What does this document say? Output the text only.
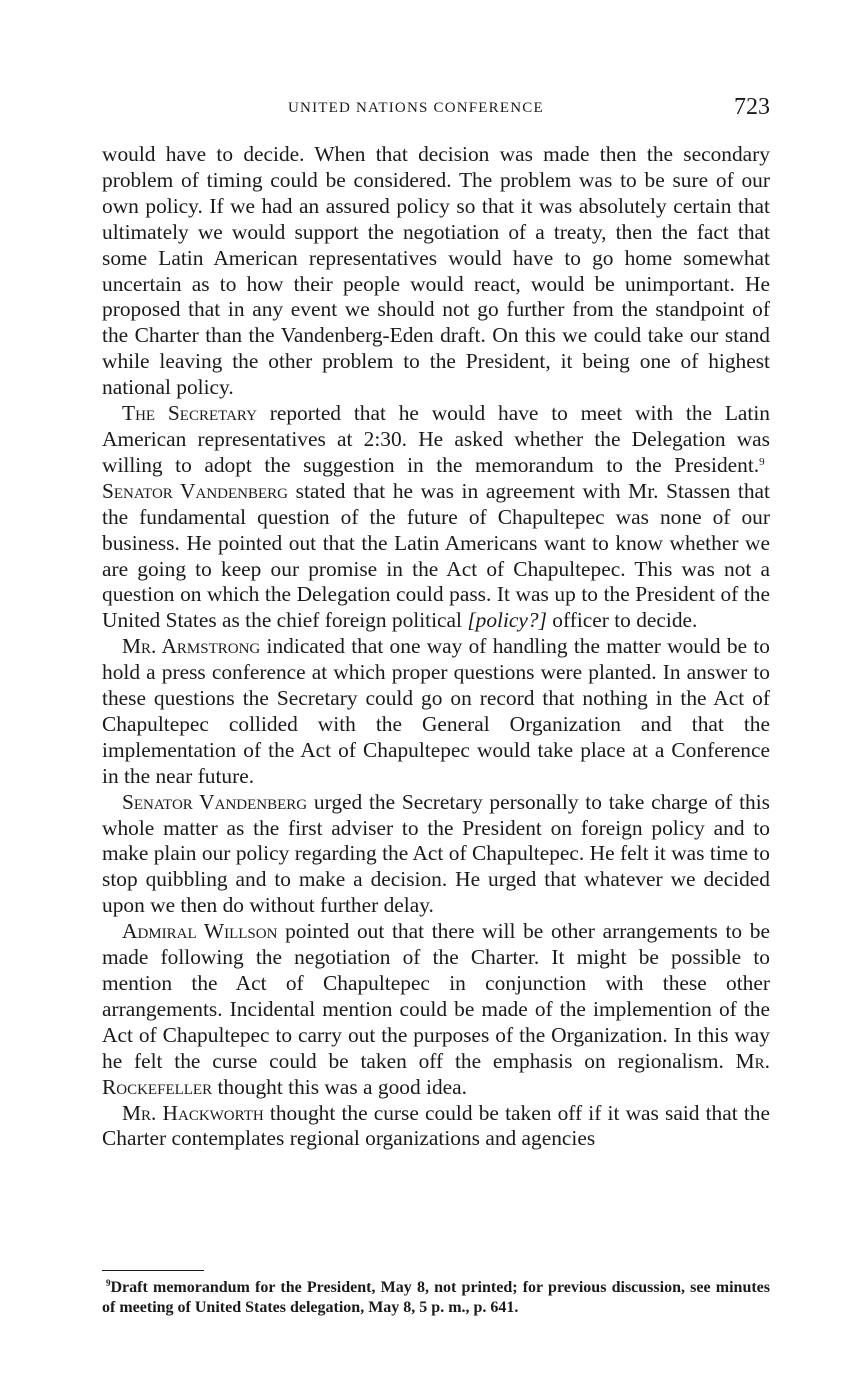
UNITED NATIONS CONFERENCE	723

would have to decide. When that decision was made then the secondary problem of timing could be considered. The problem was to be sure of our own policy. If we had an assured policy so that it was absolutely certain that ultimately we would support the negotiation of a treaty, then the fact that some Latin American representatives would have to go home somewhat uncertain as to how their people would react, would be unimportant. He proposed that in any event we should not go further from the standpoint of the Charter than the Vandenberg-Eden draft. On this we could take our stand while leaving the other problem to the President, it being one of highest national policy.

The Secretary reported that he would have to meet with the Latin American representatives at 2:30. He asked whether the Delegation was willing to adopt the suggestion in the memorandum to the President.$^9$  Senator Vandenberg stated that he was in agreement with Mr. Stassen that the fundamental question of the future of Chapultepec was none of our business. He pointed out that the Latin Americans want to know whether we are going to keep our promise in the Act of Chapultepec. This was not a question on which the Delegation could pass. It was up to the President of the United States as the chief foreign political [policy?] officer to decide.

Mr. Armstrong indicated that one way of handling the matter would be to hold a press conference at which proper questions were planted. In answer to these questions the Secretary could go on record that nothing in the Act of Chapultepec collided with the General Organization and that the implementation of the Act of Chapultepec would take place at a Conference in the near future.

Senator Vandenberg urged the Secretary personally to take charge of this whole matter as the first adviser to the President on foreign policy and to make plain our policy regarding the Act of Chapultepec. He felt it was time to stop quibbling and to make a decision. He urged that whatever we decided upon we then do without further delay.

Admiral Willson pointed out that there will be other arrangements to be made following the negotiation of the Charter. It might be possible to mention the Act of Chapultepec in conjunction with these other arrangements. Incidental mention could be made of the implemention of the Act of Chapultepec to carry out the purposes of the Organization. In this way he felt the curse could be taken off the emphasis on regionalism. Mr. Rockefeller thought this was a good idea.

Mr. Hackworth thought the curse could be taken off if it was said that the Charter contemplates regional organizations and agencies

$^9$Draft memorandum for the President, May 8, not printed; for previous discussion, see minutes of meeting of United States delegation, May 8, 5 p. m., p. 641.
